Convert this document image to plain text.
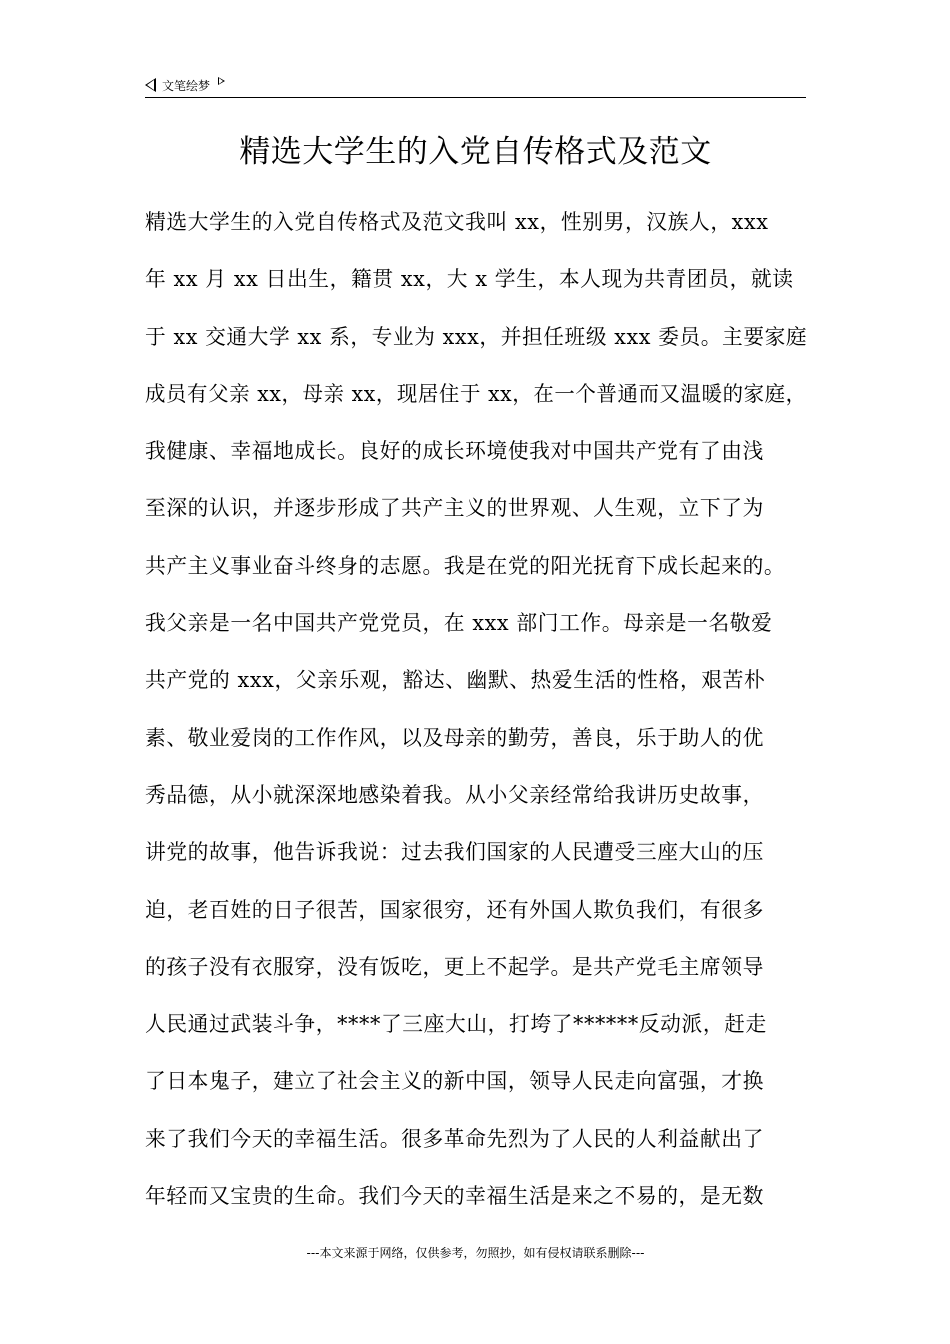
文笔绘梦
精选大学生的入党自传格式及范文
精选大学生的入党自传格式及范文我叫 xx，性别男，汉族人，xxx
年 xx 月 xx 日出生，籍贯 xx，大 x 学生，本人现为共青团员，就读
于 xx 交通大学 xx 系，专业为 xxx，并担任班级 xxx 委员。主要家庭
成员有父亲 xx，母亲 xx，现居住于 xx，在一个普通而又温暖的家庭，
我健康、幸福地成长。良好的成长环境使我对中国共产党有了由浅
至深的认识，并逐步形成了共产主义的世界观、人生观，立下了为
共产主义事业奋斗终身的志愿。我是在党的阳光抚育下成长起来的。
我父亲是一名中国共产党党员，在 xxx 部门工作。母亲是一名敬爱
共产党的 xxx，父亲乐观，豁达、幽默、热爱生活的性格，艰苦朴
素、敬业爱岗的工作作风，以及母亲的勤劳，善良，乐于助人的优
秀品德，从小就深深地感染着我。从小父亲经常给我讲历史故事，
讲党的故事，他告诉我说：过去我们国家的人民遭受三座大山的压
迫，老百姓的日子很苦，国家很穷，还有外国人欺负我们，有很多
的孩子没有衣服穿，没有饭吃，更上不起学。是共产党毛主席领导
人民通过武装斗争，****了三座大山，打垮了******反动派，赶走
了日本鬼子，建立了社会主义的新中国，领导人民走向富强，才换
来了我们今天的幸福生活。很多革命先烈为了人民的人利益献出了
年轻而又宝贵的生命。我们今天的幸福生活是来之不易的，是无数
---本文来源于网络，仅供参考，勿照抄，如有侵权请联系删除---
